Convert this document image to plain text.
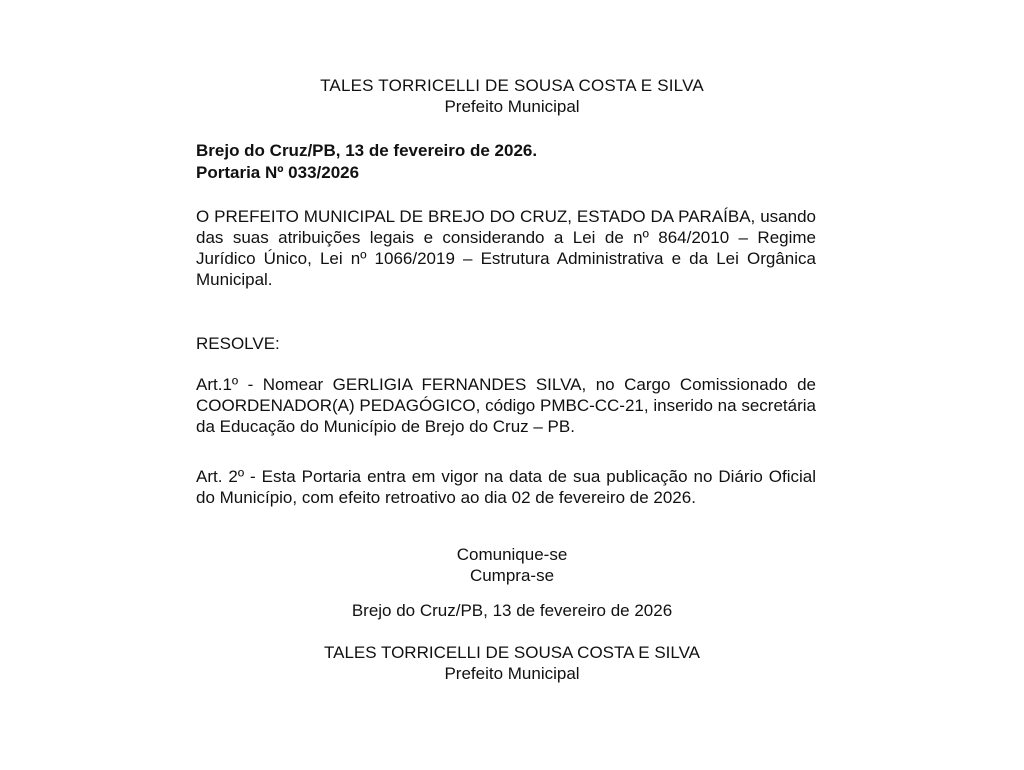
TALES TORRICELLI DE SOUSA COSTA E SILVA
Prefeito Municipal
Brejo do Cruz/PB, 13 de fevereiro de 2026.
Portaria Nº 033/2026
O PREFEITO MUNICIPAL DE BREJO DO CRUZ, ESTADO DA PARAÍBA, usando das suas atribuições legais e considerando a Lei de nº 864/2010 – Regime Jurídico Único, Lei nº 1066/2019 – Estrutura Administrativa e da Lei Orgânica Municipal.
RESOLVE:
Art.1º - Nomear GERLIGIA FERNANDES SILVA, no Cargo Comissionado de COORDENADOR(A) PEDAGÓGICO, código PMBC-CC-21, inserido na secretária da Educação do Município de Brejo do Cruz – PB.
Art. 2º - Esta Portaria entra em vigor na data de sua publicação no Diário Oficial do Município, com efeito retroativo ao dia 02 de fevereiro de 2026.
Comunique-se
Cumpra-se
Brejo do Cruz/PB, 13 de fevereiro de 2026
TALES TORRICELLI DE SOUSA COSTA E SILVA
Prefeito Municipal
